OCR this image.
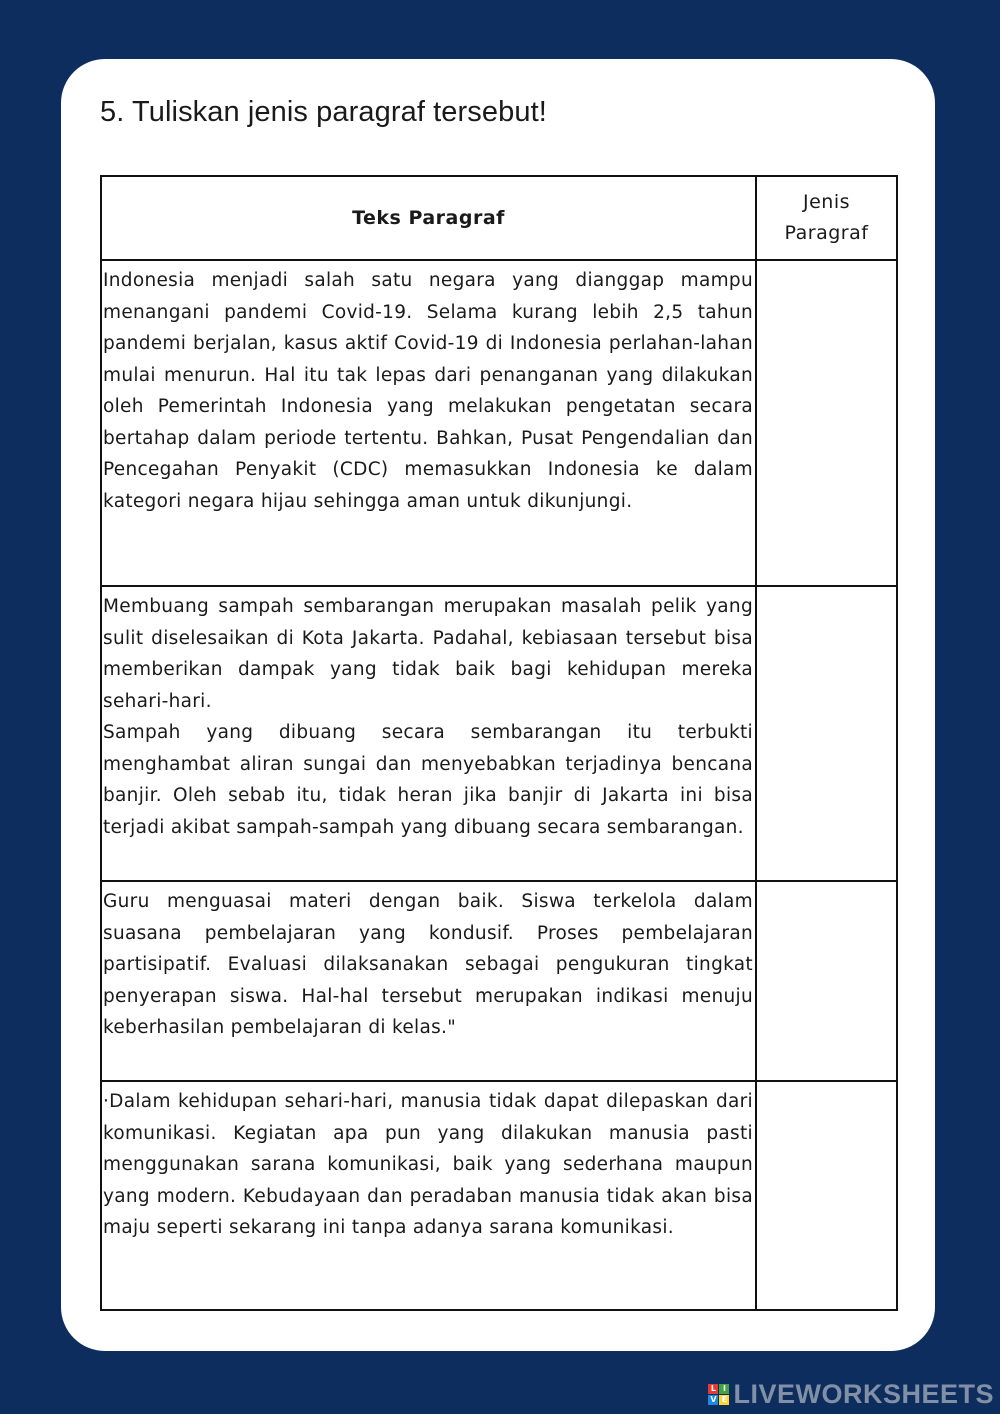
5. Tuliskan jenis paragraf tersebut!
Teks Paragraf
Jenis
Paragraf

Indonesia menjadi salah satu negara yang dianggap mampu menangani pandemi Covid-19. Selama kurang lebih 2,5 tahun pandemi berjalan, kasus aktif Covid-19 di Indonesia perlahan-lahan mulai menurun. Hal itu tak lepas dari penanganan yang dilakukan oleh Pemerintah Indonesia yang melakukan pengetatan secara bertahap dalam periode tertentu. Bahkan, Pusat Pengendalian dan Pencegahan Penyakit (CDC) memasukkan Indonesia ke dalam kategori negara hijau sehingga aman untuk dikunjungi.

Membuang sampah sembarangan merupakan masalah pelik yang sulit diselesaikan di Kota Jakarta. Padahal, kebiasaan tersebut bisa memberikan dampak yang tidak baik bagi kehidupan mereka sehari-hari.

Sampah yang dibuang secara sembarangan itu terbukti menghambat aliran sungai dan menyebabkan terjadinya bencana banjir. Oleh sebab itu, tidak heran jika banjir di Jakarta ini bisa terjadi akibat sampah-sampah yang dibuang secara sembarangan.

Guru menguasai materi dengan baik. Siswa terkelola dalam suasana pembelajaran yang kondusif. Proses pembelajaran partisipatif. Evaluasi dilaksanakan sebagai pengukuran tingkat penyerapan siswa. Hal-hal tersebut merupakan indikasi menuju keberhasilan pembelajaran di kelas."

·Dalam kehidupan sehari-hari, manusia tidak dapat dilepaskan dari komunikasi. Kegiatan apa pun yang dilakukan manusia pasti menggunakan sarana komunikasi, baik yang sederhana maupun yang modern. Kebudayaan dan peradaban manusia tidak akan bisa maju seperti sekarang ini tanpa adanya sarana komunikasi.

L I
V E LIVEWORKSHEETS
